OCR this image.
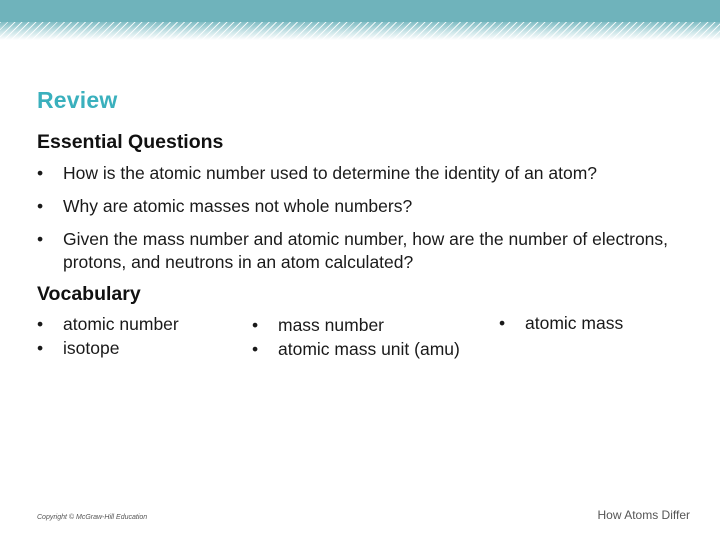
Review
Essential Questions
• How is the atomic number used to determine the identity of an atom?
• Why are atomic masses not whole numbers?
• Given the mass number and atomic number, how are the number of electrons, protons, and neutrons in an atom calculated?
Vocabulary
• atomic number
• isotope
• mass number
• atomic mass unit (amu)
• atomic mass
Copyright © McGraw-Hill Education	How Atoms Differ
